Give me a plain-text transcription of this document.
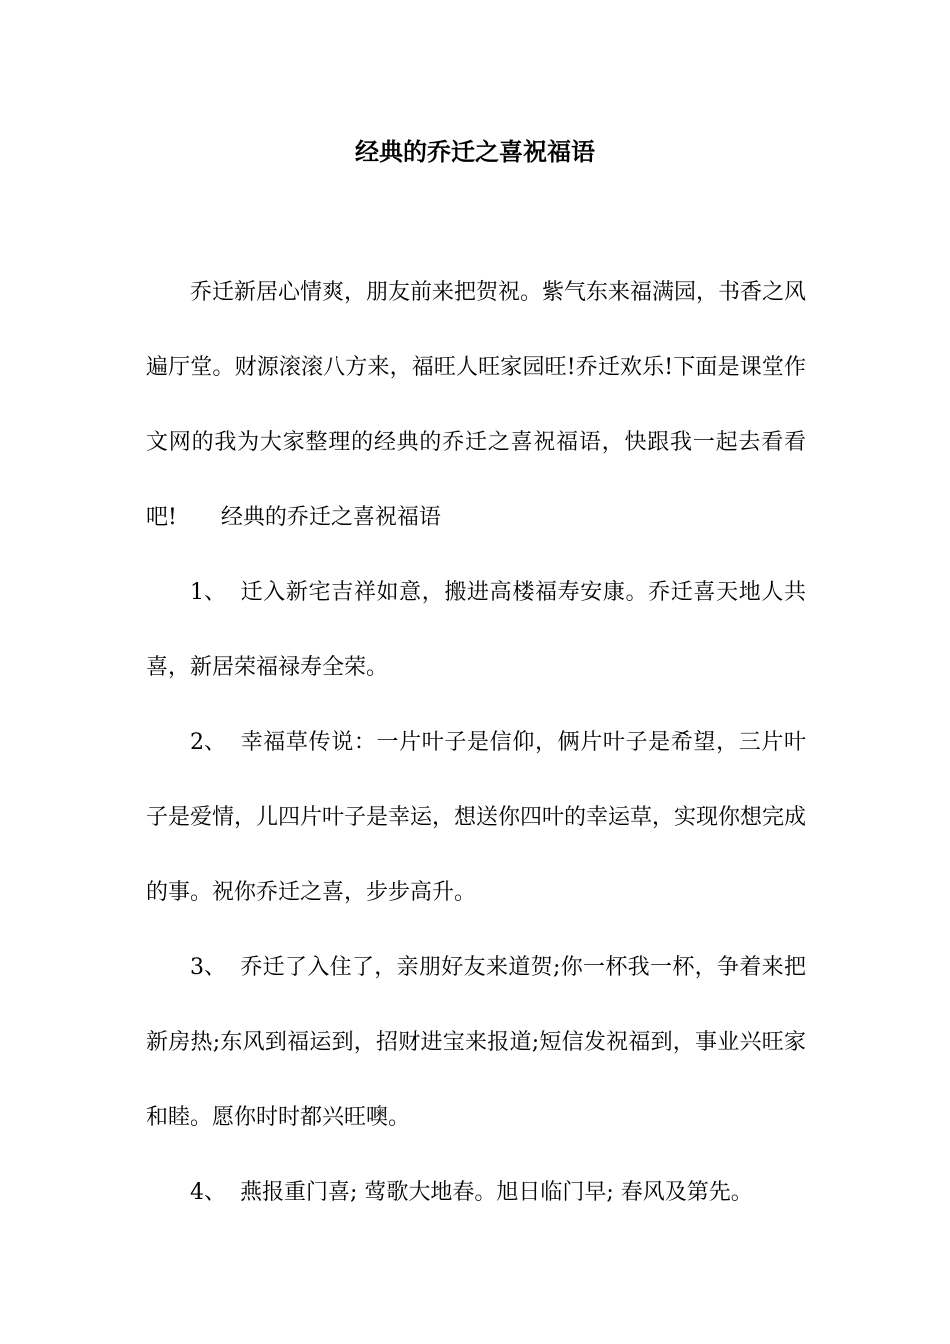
经典的乔迁之喜祝福语

乔迁新居心情爽，朋友前来把贺祝。紫气东来福满园，书香之风遍厅堂。财源滚滚八方来，福旺人旺家园旺!乔迁欢乐!下面是课堂作文网的我为大家整理的经典的乔迁之喜祝福语，快跟我一起去看看吧!　　经典的乔迁之喜祝福语

1、 迁入新宅吉祥如意，搬进高楼福寿安康。乔迁喜天地人共喜，新居荣福禄寿全荣。

2、 幸福草传说：一片叶子是信仰，俩片叶子是希望，三片叶子是爱情，儿四片叶子是幸运，想送你四叶的幸运草，实现你想完成的事。祝你乔迁之喜，步步高升。

3、 乔迁了入住了，亲朋好友来道贺;你一杯我一杯，争着来把新房热;东风到福运到，招财进宝来报道;短信发祝福到，事业兴旺家和睦。愿你时时都兴旺噢。

4、 燕报重门喜; 莺歌大地春。旭日临门早; 春风及第先。
